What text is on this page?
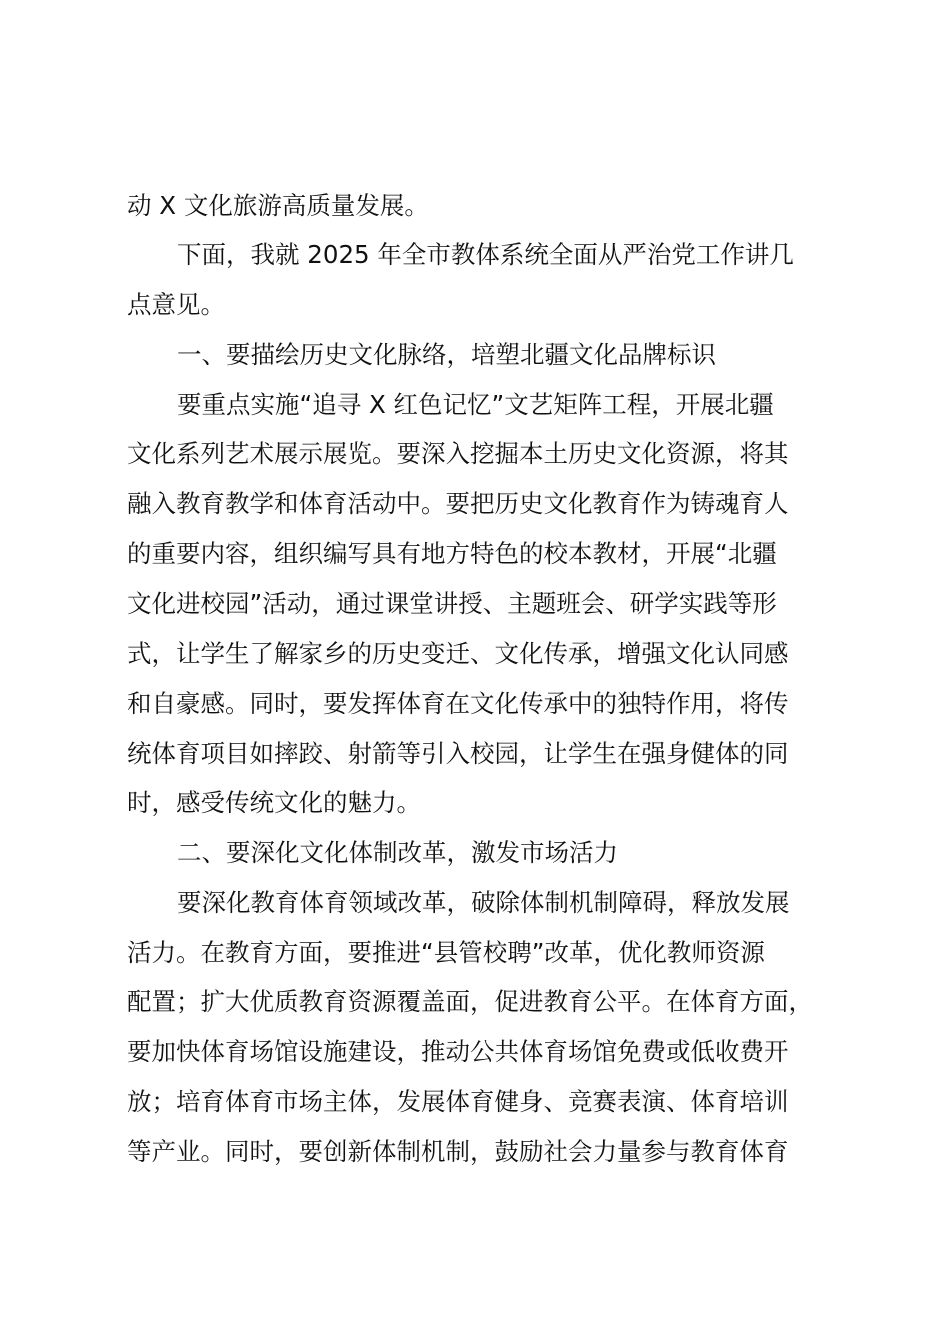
动 X 文化旅游高质量发展。
下面，我就 2025 年全市教体系统全面从严治党工作讲几
点意见。
一、要描绘历史文化脉络，培塑北疆文化品牌标识
要重点实施“追寻 X 红色记忆”文艺矩阵工程，开展北疆
文化系列艺术展示展览。要深入挖掘本土历史文化资源，将其
融入教育教学和体育活动中。要把历史文化教育作为铸魂育人
的重要内容，组织编写具有地方特色的校本教材，开展“北疆
文化进校园”活动，通过课堂讲授、主题班会、研学实践等形
式，让学生了解家乡的历史变迁、文化传承，增强文化认同感
和自豪感。同时，要发挥体育在文化传承中的独特作用，将传
统体育项目如摔跤、射箭等引入校园，让学生在强身健体的同
时，感受传统文化的魅力。
二、要深化文化体制改革，激发市场活力
要深化教育体育领域改革，破除体制机制障碍，释放发展
活力。在教育方面，要推进“县管校聘”改革，优化教师资源
配置；扩大优质教育资源覆盖面，促进教育公平。在体育方面，
要加快体育场馆设施建设，推动公共体育场馆免费或低收费开
放；培育体育市场主体，发展体育健身、竞赛表演、体育培训
等产业。同时，要创新体制机制，鼓励社会力量参与教育体育
